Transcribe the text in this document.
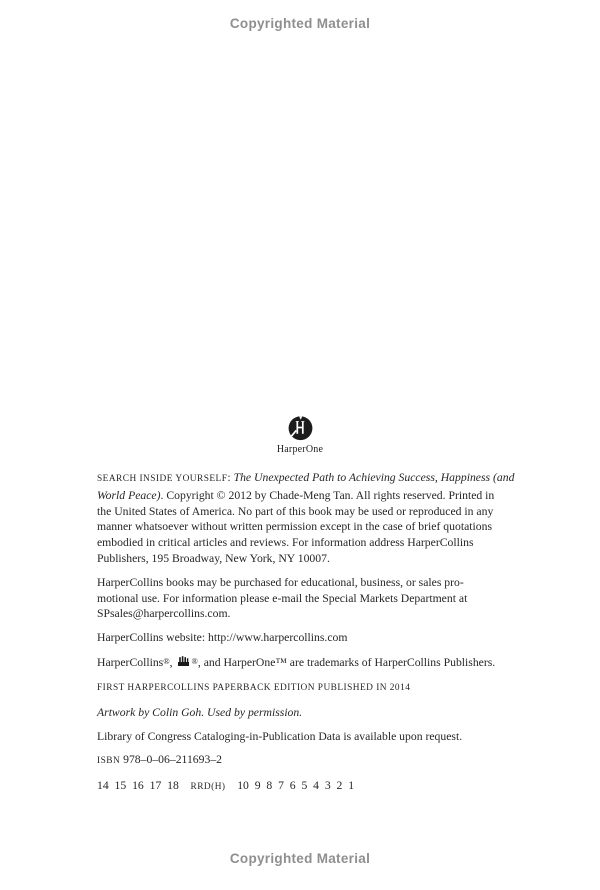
Copyrighted Material
HarperOne
SEARCH INSIDE YOURSELF: The Unexpected Path to Achieving Success, Happiness (and
World Peace). Copyright © 2012 by Chade-Meng Tan. All rights reserved. Printed in
the United States of America. No part of this book may be used or reproduced in any
manner whatsoever without written permission except in the case of brief quotations
embodied in critical articles and reviews. For information address HarperCollins
Publishers, 195 Broadway, New York, NY 10007.
HarperCollins books may be purchased for educational, business, or sales pro-
motional use. For information please e-mail the Special Markets Department at
SPsales@harpercollins.com.
HarperCollins website: http://www.harpercollins.com
HarperCollins®, ®, and HarperOne™ are trademarks of HarperCollins Publishers.
FIRST HARPERCOLLINS PAPERBACK EDITION PUBLISHED IN 2014
Artwork by Colin Goh. Used by permission.
Library of Congress Cataloging-in-Publication Data is available upon request.
ISBN 978–0–06–211693–2
14  15  16  17  18    RRD(H)    10  9  8  7  6  5  4  3  2  1
Copyrighted Material
